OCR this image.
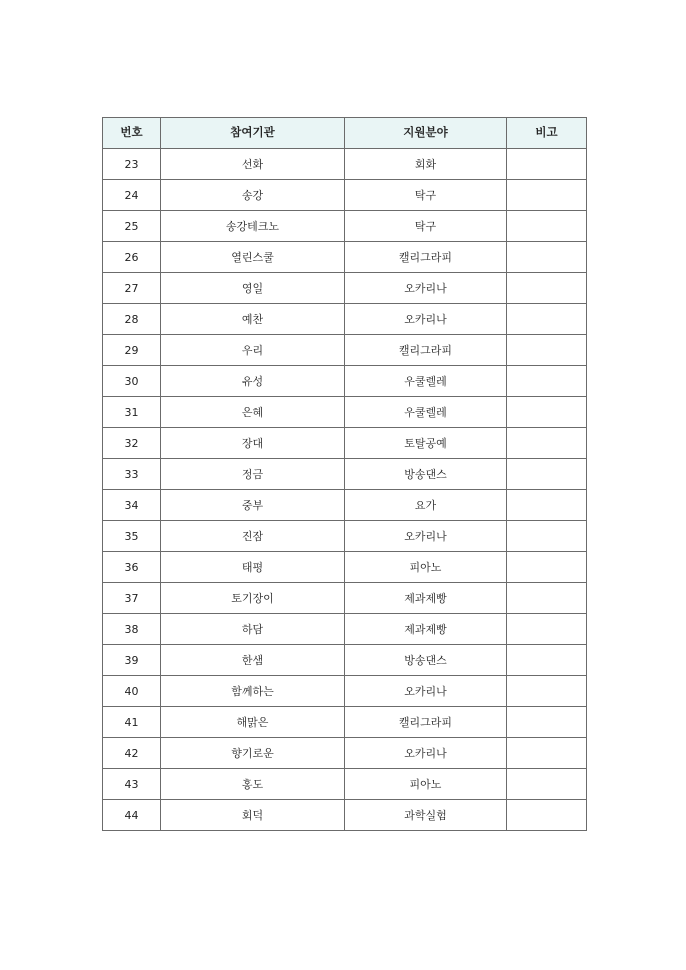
번호	참여기관	지원분야	비고
23	선화	회화	
24	송강	탁구	
25	송강테크노	탁구	
26	열린스쿨	캘리그라피	
27	영일	오카리나	
28	예찬	오카리나	
29	우리	캘리그라피	
30	유성	우쿨렐레	
31	은혜	우쿨렐레	
32	장대	토탈공예	
33	정금	방송댄스	
34	중부	요가	
35	진잠	오카리나	
36	태평	피아노	
37	토기장이	제과제빵	
38	하담	제과제빵	
39	한샘	방송댄스	
40	함께하는	오카리나	
41	해맑은	캘리그라피	
42	향기로운	오카리나	
43	홍도	피아노	
44	회덕	과학실험	
